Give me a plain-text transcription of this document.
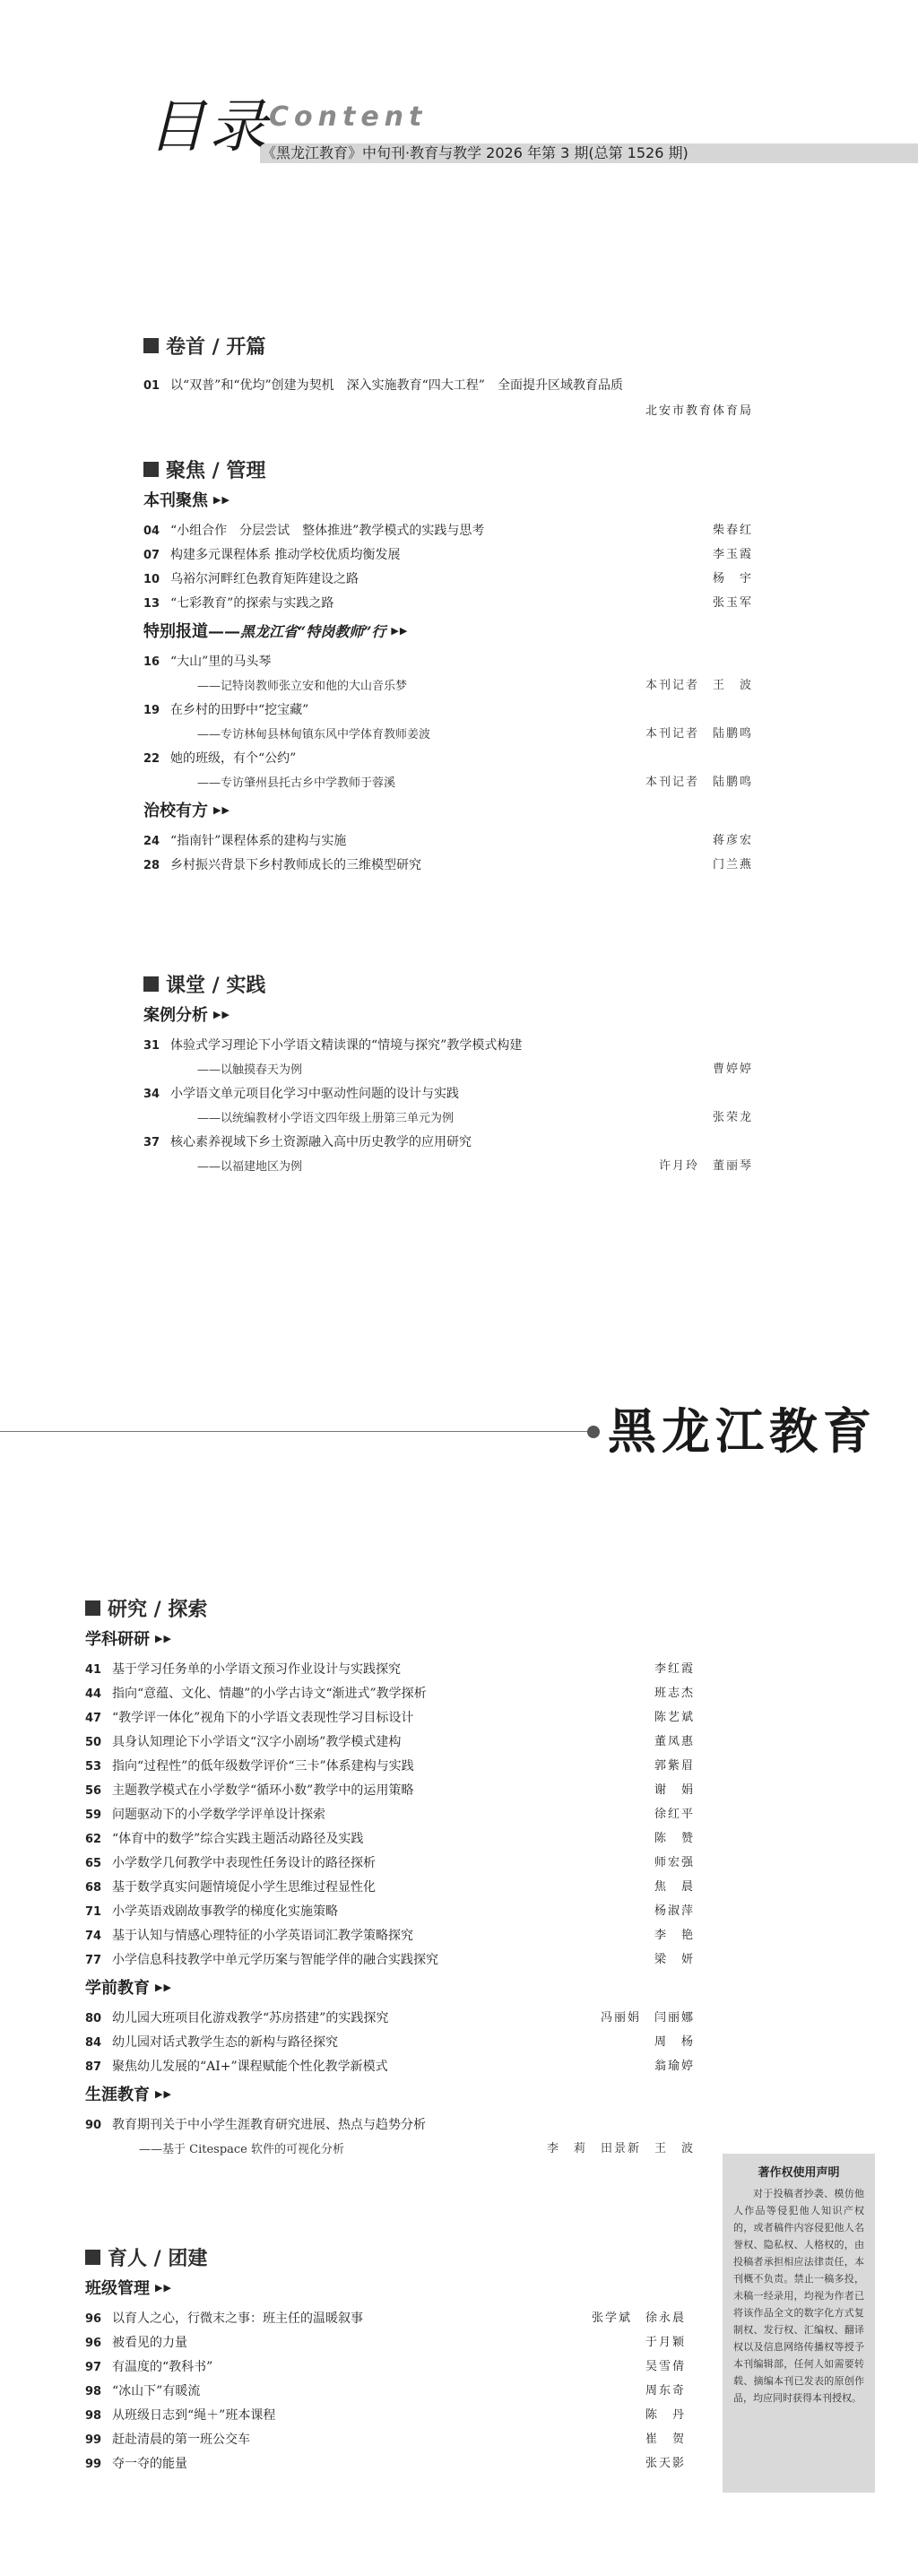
目录 Content
《黑龙江教育》中旬刊·教育与教学 2026 年第 3 期(总第 1526 期)
卷首 / 开篇
01 以“双普”和“优均”创建为契机　深入实施教育“四大工程”　全面提升区域教育品质
北安市教育体育局
聚焦 / 管理
本刊聚焦 ▶▶
04 “小组合作　分层尝试　整体推进”教学模式的实践与思考	柴春红
07 构建多元课程体系 推动学校优质均衡发展	李玉霞
10 乌裕尔河畔红色教育矩阵建设之路	杨　宇
13 “七彩教育”的探索与实践之路	张玉军
特别报道—— 黑龙江省“特岗教师”行 ▶▶
16 “大山”里的马头琴
—— 记特岗教师张立安和他的大山音乐梦	本刊记者　王　波
19 在乡村的田野中“挖宝藏”
—— 专访林甸县林甸镇东风中学体育教师姜波	本刊记者　陆鹏鸣
22 她的班级，有个“公约”
—— 专访肇州县托古乡中学教师于蓉溪	本刊记者　陆鹏鸣
治校有方 ▶▶
24 “指南针”课程体系的建构与实施	蒋彦宏
28 乡村振兴背景下乡村教师成长的三维模型研究	门兰燕
课堂 / 实践
案例分析 ▶▶
31 体验式学习理论下小学语文精读课的“情境与探究”教学模式构建
—— 以触摸春天为例	曹婷婷
34 小学语文单元项目化学习中驱动性问题的设计与实践
—— 以统编教材小学语文四年级上册第三单元为例	张荣龙
37 核心素养视域下乡土资源融入高中历史教学的应用研究
—— 以福建地区为例	许月玲　董丽琴
黑龙江教育
研究 / 探索
学科研研 ▶▶
41 基于学习任务单的小学语文预习作业设计与实践探究	李红霞
44 指向“意蕴、文化、情趣”的小学古诗文“渐进式”教学探析	班志杰
47 “教学评一体化”视角下的小学语文表现性学习目标设计	陈艺斌
50 具身认知理论下小学语文“汉字小剧场”教学模式建构	董凤惠
53 指向“过程性”的低年级数学评价“三卡”体系建构与实践	郭紫眉
56 主题教学模式在小学数学“循环小数”教学中的运用策略	谢　娟
59 问题驱动下的小学数学学评单设计探索	徐红平
62 “体育中的数学”综合实践主题活动路径及实践	陈　赞
65 小学数学几何教学中表现性任务设计的路径探析	师宏强
68 基于数学真实问题情境促小学生思维过程显性化	焦　晨
71 小学英语戏剧故事教学的梯度化实施策略	杨淑萍
74 基于认知与情感心理特征的小学英语词汇教学策略探究	李　艳
77 小学信息科技教学中单元学历案与智能学伴的融合实践探究	梁　妍
学前教育 ▶▶
80 幼儿园大班项目化游戏教学“苏房搭建”的实践探究	冯丽娟　闫丽娜
84 幼儿园对话式教学生态的新构与路径探究	周　杨
87 聚焦幼儿发展的“AI+”课程赋能个性化教学新模式	翁瑜婷
生涯教育 ▶▶
90 教育期刊关于中小学生涯教育研究进展、热点与趋势分析
—— 基于 Citespace 软件的可视化分析	李　莉　田景新　王　波
育人 / 团建
班级管理 ▶▶
96 以育人之心，行微末之事：班主任的温暖叙事	张学斌　徐永晨
96 被看见的力量	于月颖
97 有温度的“教科书”	吴雪倩
98 “冰山下”有暖流	周东奇
98 从班级日志到“绳＋”班本课程	陈　丹
99 赶赴清晨的第一班公交车	崔　贺
99 夺一夺的能量	张天影
著作权使用声明

对于投稿者抄袭、模仿他人作品等侵犯他人知识产权的，或者稿件内容侵犯他人名誉权、隐私权、人格权的，由投稿者承担相应法律责任，本刊概不负责。禁止一稿多投，未稿一经录用，均视为作者已将该作品全文的数字化方式复制权、发行权、汇编权、翻译权以及信息网络传播权等授予本刊编辑部，任何人如需要转载、摘编本刊已发表的原创作品，均应同时获得本刊授权。
